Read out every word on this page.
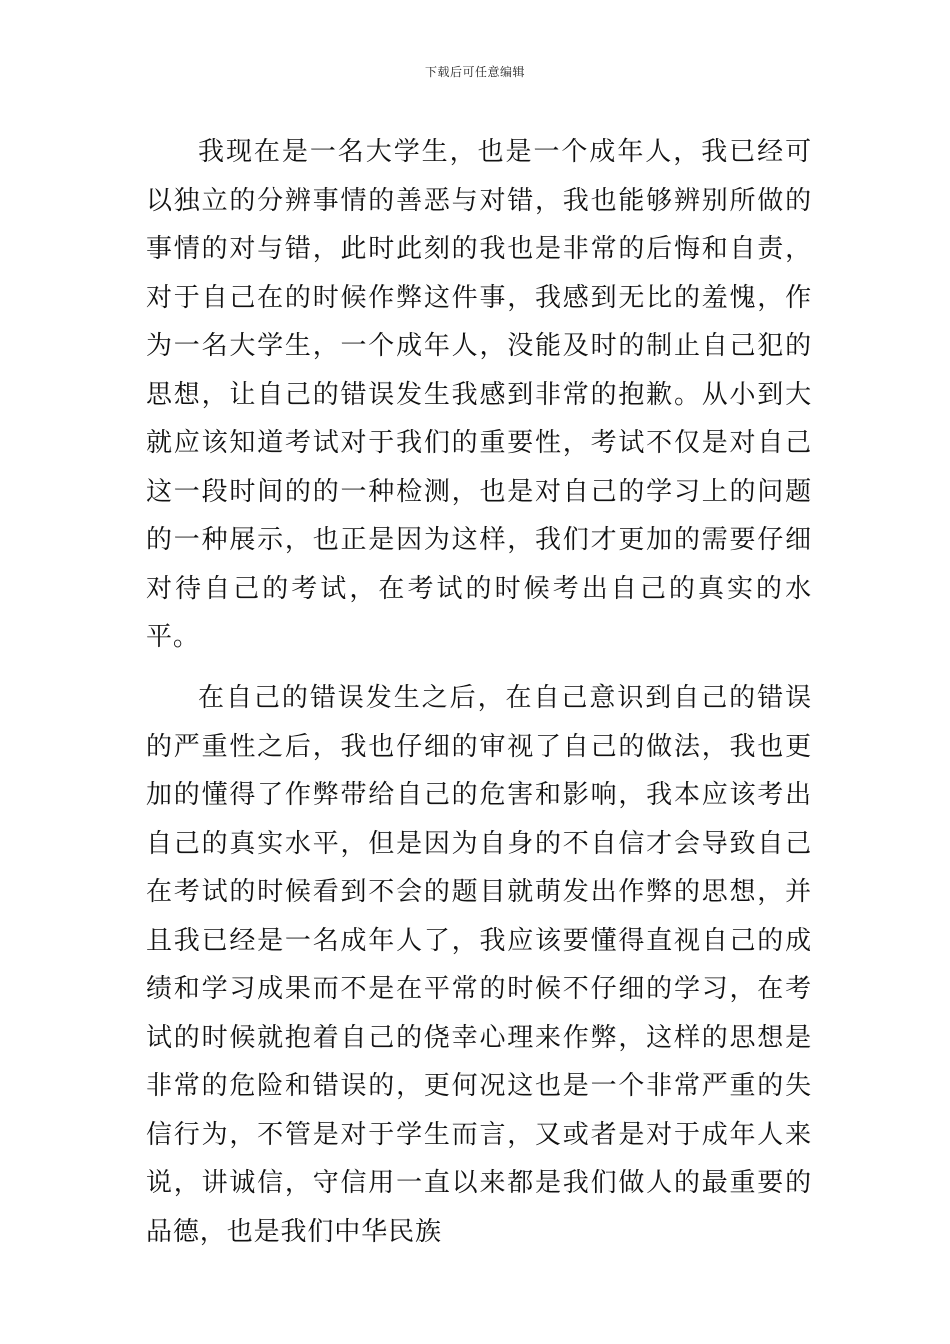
下载后可任意编辑

我现在是一名大学生，也是一个成年人，我已经可以独立的分辨事情的善恶与对错，我也能够辨别所做的事情的对与错，此时此刻的我也是非常的后悔和自责，对于自己在的时候作弊这件事，我感到无比的羞愧，作为一名大学生，一个成年人，没能及时的制止自己犯的思想，让自己的错误发生我感到非常的抱歉。从小到大就应该知道考试对于我们的重要性，考试不仅是对自己这一段时间的的一种检测，也是对自己的学习上的问题的一种展示，也正是因为这样，我们才更加的需要仔细对待自己的考试，在考试的时候考出自己的真实的水平。

在自己的错误发生之后，在自己意识到自己的错误的严重性之后，我也仔细的审视了自己的做法，我也更加的懂得了作弊带给自己的危害和影响，我本应该考出自己的真实水平，但是因为自身的不自信才会导致自己在考试的时候看到不会的题目就萌发出作弊的思想，并且我已经是一名成年人了，我应该要懂得直视自己的成绩和学习成果而不是在平常的时候不仔细的学习，在考试的时候就抱着自己的侥幸心理来作弊，这样的思想是非常的危险和错误的，更何况这也是一个非常严重的失信行为，不管是对于学生而言，又或者是对于成年人来说，讲诚信，守信用一直以来都是我们做人的最重要的品德，也是我们中华民族
